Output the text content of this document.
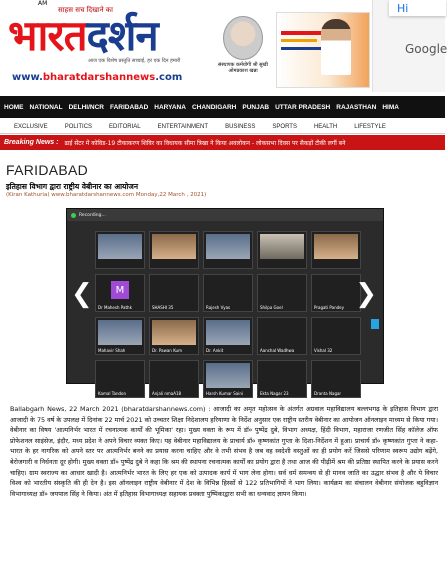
AM
साहस सच दिखाने का
भारतदर्शन
आज एक विशेष प्रस्तुति सच्चाई, हर एक दिन हमारी
www.bharatdarshannews.com
संस्थापक कर्मयोगी श्री सुखी ओमप्रकाश खन्ना
Hi
Google
HOME NATIONAL DELHI/NCR FARIDABAD HARYANA CHANDIGARH PUNJAB UTTAR PRADESH RAJASTHAN HIMA
EXCLUSIVE	POLITICS	EDITORIAL	ENTERTAINMENT	BUSINESS	SPORTS	HEALTH	LIFESTYLE
Breaking News : ढाई सेंटर में कोविड-19 टीकाकरण शिविर का विधायक सीमा त्रिखा ने किया अवलोकन - लोकसभा दिवस पर सैकड़ों टीकी लगीं बने
FARIDABAD
इतिहास विभाग द्वारा राष्ट्रीय वेबीनार का आयोजन
(Kiran Kathuria) www.bharatdarshannews.com Monday,22 March , 2021)
Recording...
M
Dr Mahesh Pathk	SHASHI 35	Rajesh Vyas	Shilpa Goel	Pragati Pandey
Mahavir Shah	Dr. Pawan Kum	Dr. Ankit	Aanchal Wadhwa	Vishal 32
Kamal Tandon	Anjali nmaA18	Harsh Kumar Saini	Ekta Nagar 23	Dranta Nagar
❮	❯

Ballabgarh News, 22 March 2021 (bharatdarshannews.com) : आजादी का अमृत महोत्सव के अंतर्गत अग्रवाल महाविद्यालय बल्लभगढ़ के इतिहास विभाग द्वारा आजादी के 75 वर्ष के उपलक्ष में दिनांक 22 मार्च 2021 को उच्चतर शिक्षा निदेशालय हरियाणा के निर्देश अनुसार एक राष्ट्रीय स्तरीय वेबीनार का आयोजन ऑनलाइन माध्यम से किया गया। वेबीनार का विषय 'आत्मनिर्भर भारत में रचनात्मक कार्यों की भूमिका' रहा। मुख्य वक्ता के रूप में डॉ० पुष्पेंद्र दुबे, विभाग अध्यक्ष, हिंदी विभाग, महाराजा रणजीत सिंह कॉलेज ऑफ प्रोफेशनल साइंसेज, इंदौर, मध्य प्रदेश ने अपने विचार व्यक्त किए। यह वेबीनार महाविद्यालय के प्राचार्य डॉ० कृष्णकांत गुप्ता के दिशा-निर्देशन में हुआ। प्राचार्य डॉ० कृष्णकांत गुप्ता ने कहा- भारत के हर नागरिक को अपने स्तर पर आत्मनिर्भर बनने का प्रयास करना चाहिए और वे तभी संभव है जब वह स्वदेशी वस्तुओं का ही प्रयोग करें जिससे परिणाम स्वरूप उद्योग बढ़ेंगे, बेरोजगारी व निर्धनता दूर होगी। मुख्य वक्ता डॉ० पुष्पेंद्र दुबे ने कहा कि श्रम की स्थापना रचनात्मक कार्यों का प्रयोग द्वारा है तथा आज की पीढ़ीमें श्रम की प्रतिष्ठा स्थापित करने के प्रयास करने चाहिए। ग्राम स्वराज्य का आधार खादी है। आत्मनिर्भर भारत के लिए हर एक को उत्पादक कार्य में भाग लेना होगा। सर्व धर्म समन्वय से ही मानव जाति का उद्धार संभव है और ये विचार विश्व को भारतीय संस्कृति की ही देन है। इस ऑनलाइन राष्ट्रीय वेबीनार में देश के विभिन्न हिस्सों से 122 प्रतिभागियों ने भाग लिया। कार्यक्रम का संचालन वेबीनार संयोजक बहुविज्ञान विभागाध्यक्ष डॉ० जयपाल सिंह ने किया। अंत में इतिहास विभागाध्यक्ष सहायक प्रवक्ता पुष्पिकाद्वारा सभी का धन्यवाद ज्ञापन किया।
